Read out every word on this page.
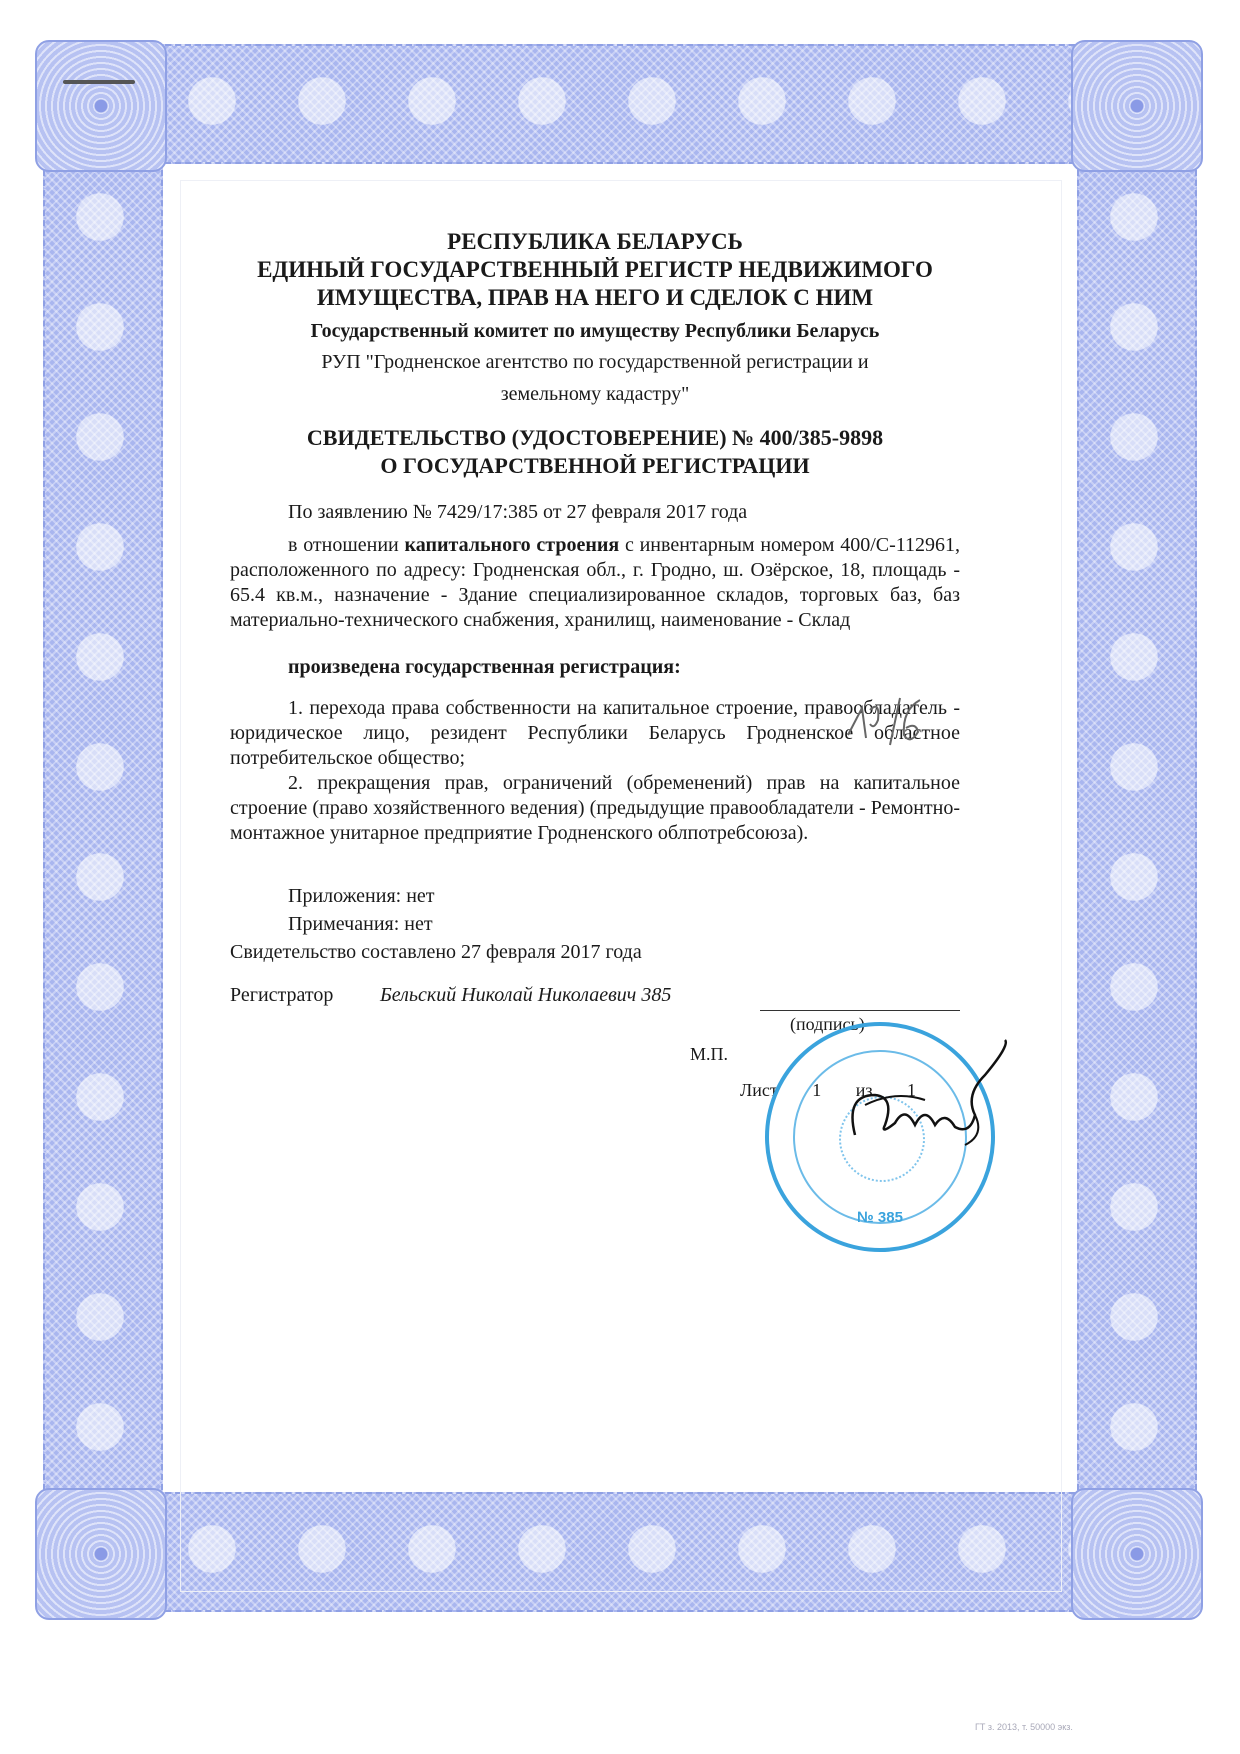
РЕСПУБЛИКА БЕЛАРУСЬ
ЕДИНЫЙ ГОСУДАРСТВЕННЫЙ РЕГИСТР НЕДВИЖИМОГО
ИМУЩЕСТВА, ПРАВ НА НЕГО И СДЕЛОК С НИМ
Государственный комитет по имуществу Республики Беларусь
РУП "Гродненское агентство по государственной регистрации и
земельному кадастру"
СВИДЕТЕЛЬСТВО (УДОСТОВЕРЕНИЕ) № 400/385-9898
О ГОСУДАРСТВЕННОЙ РЕГИСТРАЦИИ

По заявлению № 7429/17:385 от 27 февраля 2017 года

в отношении капитального строения с инвентарным номером 400/С-112961, расположенного по адресу: Гродненская обл., г. Гродно, ш. Озёрское, 18, площадь - 65.4 кв.м., назначение - Здание специализированное складов, торговых баз, баз материально-технического снабжения, хранилищ, наименование - Склад

произведена государственная регистрация:

1. перехода права собственности на капитальное строение, правообладатель - юридическое лицо, резидент Республики Беларусь Гродненское областное потребительское общество;

2. прекращения прав, ограничений (обременений) прав на капитальное строение (право хозяйственного ведения) (предыдущие правообладатели - Ремонтно-монтажное унитарное предприятие Гродненского облпотребсоюза).

Приложения: нет
Примечания: нет
Свидетельство составлено 27 февраля 2017 года
Регистратор Бельский Николай Николаевич 385
(подпись)
М.П.
Лист 1 из 1
№ 385
REaLT
ГТ з. 2013, т. 50000 экз.
